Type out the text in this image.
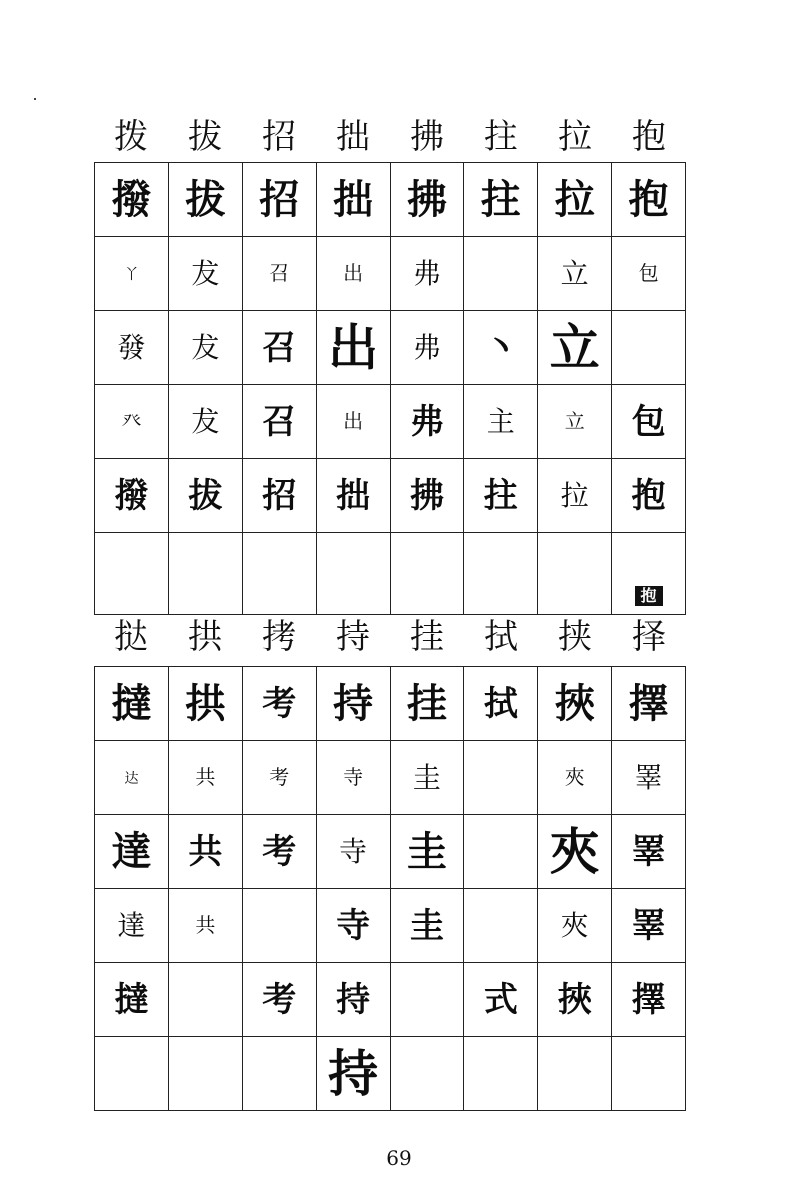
拨	拔	招	拙	拂	拄	拉	抱
撥	拔	招	拙	拂	拄	拉	抱
丫	犮	召	出	弗		立	包
發	犮	召	出	弗	丶	立	
癶	犮	召	出	弗	主	立	包
撥	拔	招	拙	拂	拄	拉	抱
							抱
挞	拱	拷	持	挂	拭	挟	择
撻	拱	考	持	挂	拭	挾	擇
达	共	考	寺	圭		夾	睪
達	共	考	寺	圭		夾	睪
達	共		寺	圭		夾	睪
撻		考	持		式	挾	擇
			持				
69
